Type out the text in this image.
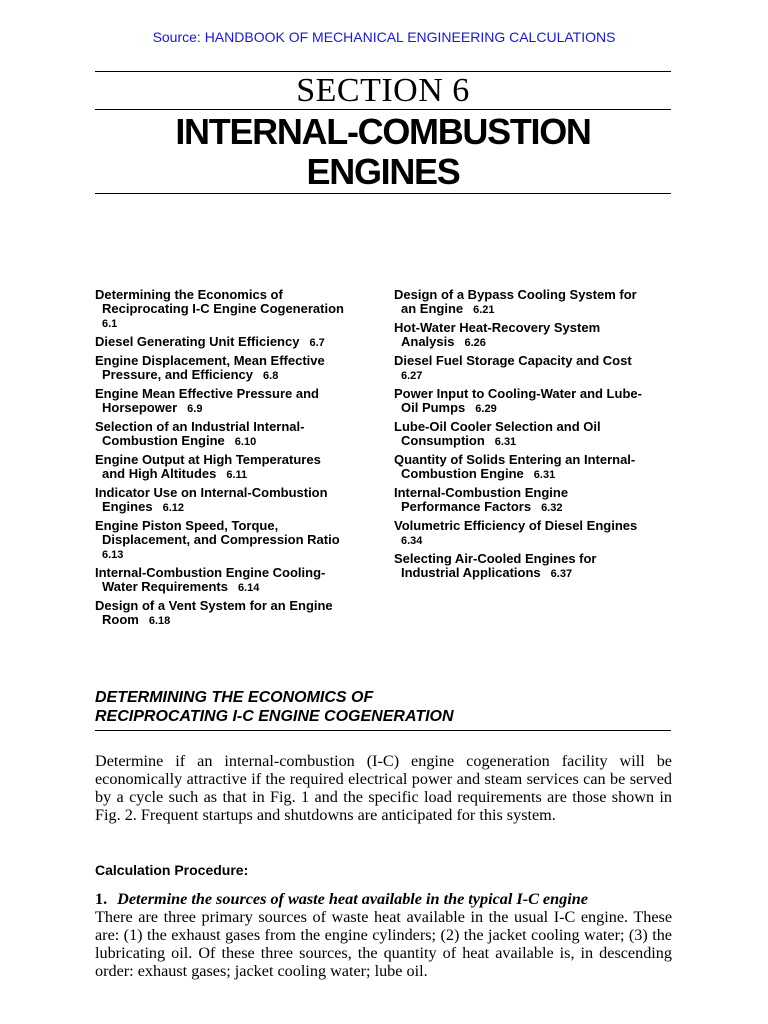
Source: HANDBOOK OF MECHANICAL ENGINEERING CALCULATIONS
SECTION 6
INTERNAL-COMBUSTION
ENGINES
Determining the Economics of
Reciprocating I-C Engine Cogeneration
6.1
Diesel Generating Unit Efficiency 6.7
Engine Displacement, Mean Effective
Pressure, and Efficiency 6.8
Engine Mean Effective Pressure and
Horsepower 6.9
Selection of an Industrial Internal-
Combustion Engine 6.10
Engine Output at High Temperatures
and High Altitudes 6.11
Indicator Use on Internal-Combustion
Engines 6.12
Engine Piston Speed, Torque,
Displacement, and Compression Ratio
6.13
Internal-Combustion Engine Cooling-
Water Requirements 6.14
Design of a Vent System for an Engine
Room 6.18
Design of a Bypass Cooling System for
an Engine 6.21
Hot-Water Heat-Recovery System
Analysis 6.26
Diesel Fuel Storage Capacity and Cost
6.27
Power Input to Cooling-Water and Lube-
Oil Pumps 6.29
Lube-Oil Cooler Selection and Oil
Consumption 6.31
Quantity of Solids Entering an Internal-
Combustion Engine 6.31
Internal-Combustion Engine
Performance Factors 6.32
Volumetric Efficiency of Diesel Engines
6.34
Selecting Air-Cooled Engines for
Industrial Applications 6.37
DETERMINING THE ECONOMICS OF
RECIPROCATING I-C ENGINE COGENERATION
Determine if an internal-combustion (I-C) engine cogeneration facility will be economically attractive if the required electrical power and steam services can be served by a cycle such as that in Fig. 1 and the specific load requirements are those shown in Fig. 2. Frequent startups and shutdowns are anticipated for this system.
Calculation Procedure:
1. Determine the sources of waste heat available in the typical I-C engine
There are three primary sources of waste heat available in the usual I-C engine. These are: (1) the exhaust gases from the engine cylinders; (2) the jacket cooling water; (3) the lubricating oil. Of these three sources, the quantity of heat available is, in descending order: exhaust gases; jacket cooling water; lube oil.
